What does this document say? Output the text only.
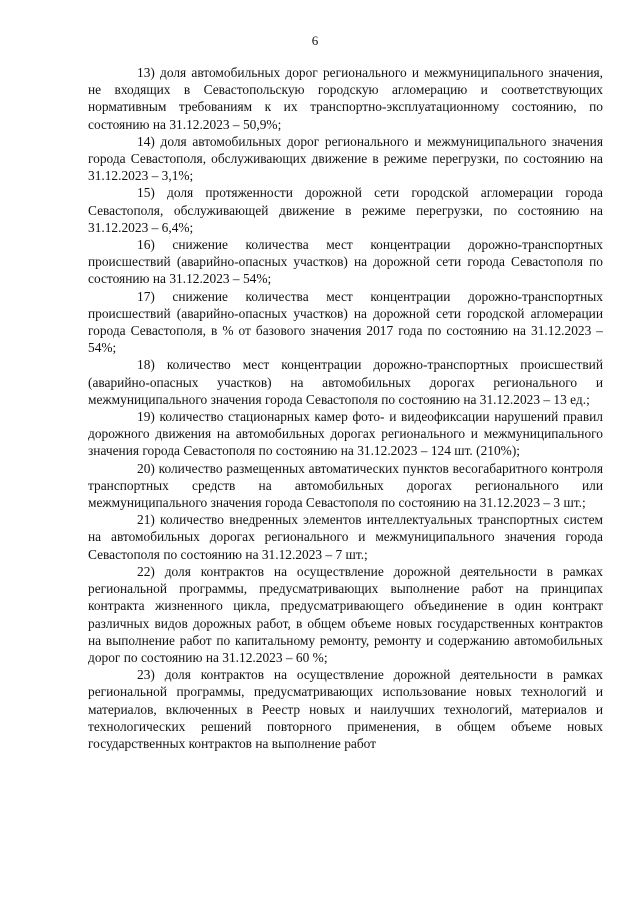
6

13) доля автомобильных дорог регионального и межмуниципального значения, не входящих в Севастопольскую городскую агломерацию и соответствующих нормативным требованиям к их транспортно-эксплуатационному состоянию, по состоянию на 31.12.2023 – 50,9%;

14) доля автомобильных дорог регионального и межмуниципального значения города Севастополя, обслуживающих движение в режиме перегрузки, по состоянию на 31.12.2023 – 3,1%;

15) доля протяженности дорожной сети городской агломерации города Севастополя, обслуживающей движение в режиме перегрузки, по состоянию на 31.12.2023 – 6,4%;

16) снижение количества мест концентрации дорожно-транспортных происшествий (аварийно-опасных участков) на дорожной сети города Севастополя по состоянию на 31.12.2023 – 54%;

17) снижение количества мест концентрации дорожно-транспортных происшествий (аварийно-опасных участков) на дорожной сети городской агломерации города Севастополя, в % от базового значения 2017 года по состоянию на 31.12.2023 – 54%;

18) количество мест концентрации дорожно-транспортных происшествий (аварийно-опасных участков) на автомобильных дорогах регионального и межмуниципального значения города Севастополя по состоянию на 31.12.2023 – 13 ед.;

19) количество стационарных камер фото- и видеофиксации нарушений правил дорожного движения на автомобильных дорогах регионального и межмуниципального значения города Севастополя по состоянию на 31.12.2023 – 124 шт. (210%);

20) количество размещенных автоматических пунктов весогабаритного контроля транспортных средств на автомобильных дорогах регионального или межмуниципального значения города Севастополя по состоянию на 31.12.2023 – 3 шт.;

21) количество внедренных элементов интеллектуальных транспортных систем на автомобильных дорогах регионального и межмуниципального значения города Севастополя по состоянию на 31.12.2023 – 7 шт.;

22) доля контрактов на осуществление дорожной деятельности в рамках региональной программы, предусматривающих выполнение работ на принципах контракта жизненного цикла, предусматривающего объединение в один контракт различных видов дорожных работ, в общем объеме новых государственных контрактов на выполнение работ по капитальному ремонту, ремонту и содержанию автомобильных дорог по состоянию на 31.12.2023 – 60 %;

23) доля контрактов на осуществление дорожной деятельности в рамках региональной программы, предусматривающих использование новых технологий и материалов, включенных в Реестр новых и наилучших технологий, материалов и технологических решений повторного применения, в общем объеме новых государственных контрактов на выполнение работ
